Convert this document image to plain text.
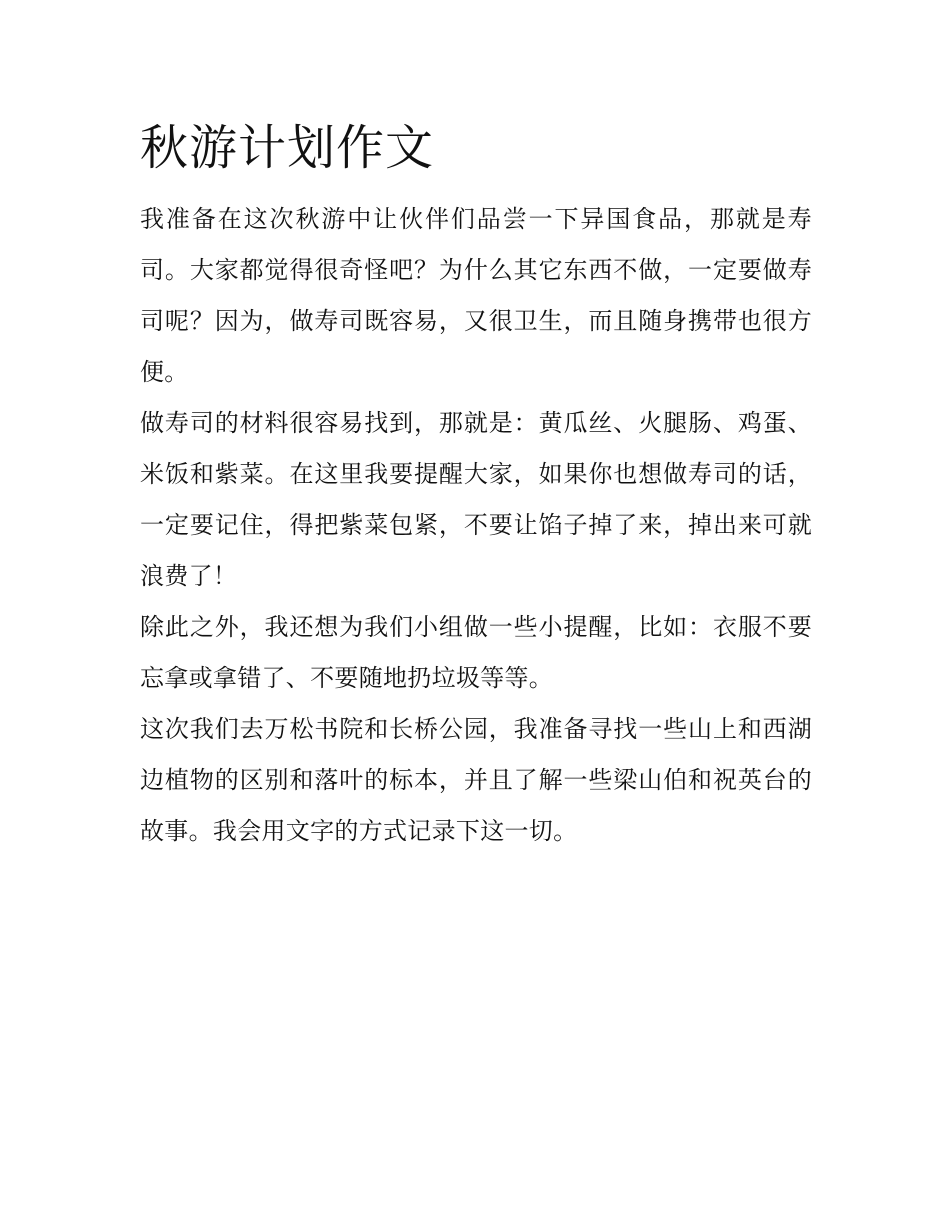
秋游计划作文

我准备在这次秋游中让伙伴们品尝一下异国食品，那就是寿司。大家都觉得很奇怪吧？为什么其它东西不做，一定要做寿司呢？因为，做寿司既容易，又很卫生，而且随身携带也很方便。

做寿司的材料很容易找到，那就是：黄瓜丝、火腿肠、鸡蛋、米饭和紫菜。在这里我要提醒大家，如果你也想做寿司的话，一定要记住，得把紫菜包紧，不要让馅子掉了来，掉出来可就浪费了！

除此之外，我还想为我们小组做一些小提醒，比如：衣服不要忘拿或拿错了、不要随地扔垃圾等等。

这次我们去万松书院和长桥公园，我准备寻找一些山上和西湖边植物的区别和落叶的标本，并且了解一些梁山伯和祝英台的故事。我会用文字的方式记录下这一切。
